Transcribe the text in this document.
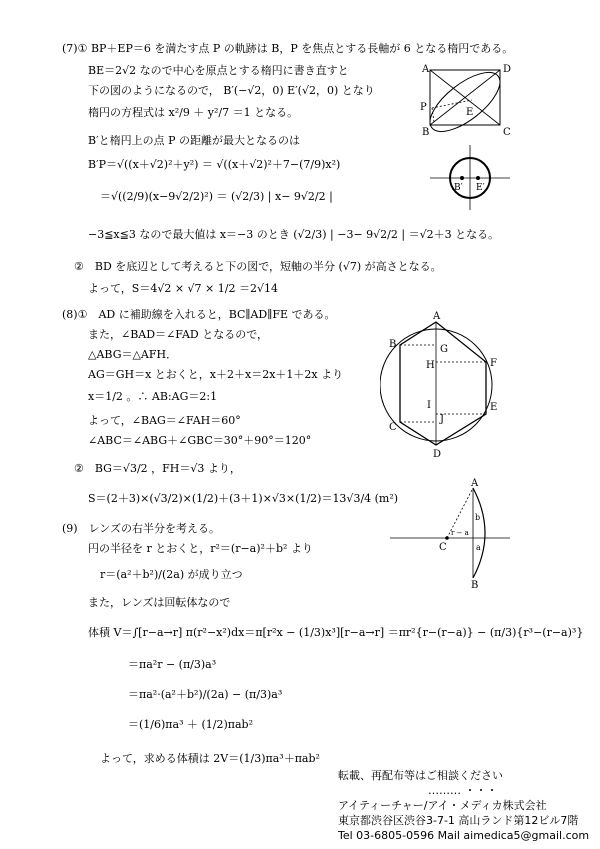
(7)① BP＋EP＝6 を満たす点 P の軌跡は B，P を焦点とする長軸が 6 となる楕円である。
BE＝2√2 なので中心を原点とする楕円に書き直すと
下の図のようになるので， B′(−√2，0) E′(√2，0) となり
楕円の方程式は x²/9 ＋ y²/7 ＝1 となる。
B′と楕円上の点 P の距離が最大となるのは
B′P＝√((x＋√2)²＋y²) ＝ √((x＋√2)²＋7−(7/9)x²)
＝√((2/9)(x−9√2/2)²) ＝ (√2/3) | x− 9√2/2 |
−3≦x≦3 なので最大値は x＝−3 のとき (√2/3) | −3− 9√2/2 | ＝√2＋3 となる。
②　BD を底辺として考えると下の図で，短軸の半分 (√7) が高さとなる。
よって，S＝4√2 × √7 × 1/2 ＝2√14
A	D
B	C
P	E
B′ E′
(8)①　AD に補助線を入れると，BC∥AD∥FE である。
また，∠BAD＝∠FAD となるので，
△ABG＝△AFH．
AG＝GH＝x とおくと，x＋2＋x＝2x＋1＋2x より
x＝1/2 。∴ AB:AG＝2:1
よって，∠BAG＝∠FAH＝60°
∠ABC＝∠ABG＋∠GBC＝30°＋90°＝120°
②　BG＝√3/2 ，FH＝√3 より，
S＝(2＋3)×(√3/2)×(1/2)＋(3＋1)×√3×(1/2)＝13√3/4 (m²)
A
B
C
D
E
F
G
H
I
J
(9)　レンズの右半分を考える。
円の半径を r とおくと，r²＝(r−a)²＋b² より
r＝(a²＋b²)/(2a) が成り立つ
また，レンズは回転体なので
体積 V＝∫[r−a→r] π(r²−x²)dx＝π[r²x − (1/3)x³][r−a→r] ＝πr²{r−(r−a)} − (π/3){r³−(r−a)³}
＝πa²r − (π/3)a³
＝πa²·(a²＋b²)/(2a) − (π/3)a³
＝(1/6)πa³ ＋ (1/2)πab²
よって，求める体積は 2V＝(1/3)πa³＋πab²
A
B
C
r − a
a
b
転載、再配布等はご相談ください
……… ・・・
アイティーチャー/アイ・メディカ株式会社
東京都渋谷区渋谷3-7-1 高山ランド第12ビル7階
Tel 03-6805-0596 Mail aimedica5@gmail.com
